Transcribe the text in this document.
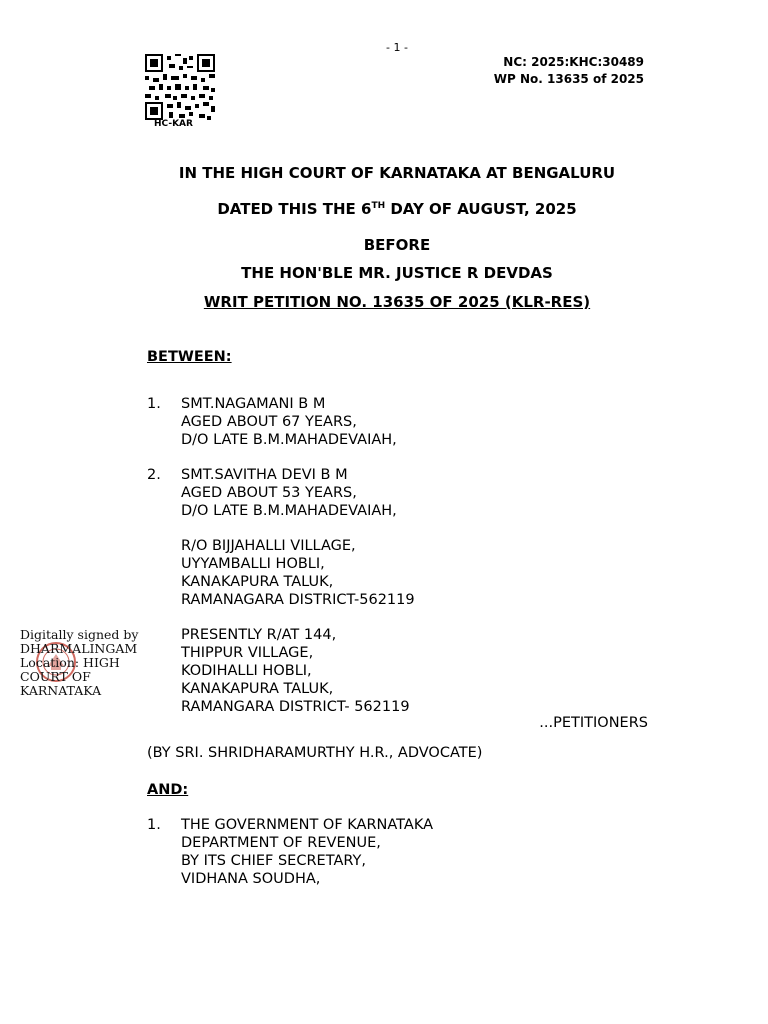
- 1 -
NC: 2025:KHC:30489
WP No. 13635 of 2025
HC-KAR
IN THE HIGH COURT OF KARNATAKA AT BENGALURU
DATED THIS THE 6TH DAY OF AUGUST, 2025
BEFORE
THE HON'BLE MR. JUSTICE R DEVDAS
WRIT PETITION NO. 13635 OF 2025 (KLR-RES)
BETWEEN:
1. SMT.NAGAMANI B M
AGED ABOUT 67 YEARS,
D/O LATE B.M.MAHADEVAIAH,
2. SMT.SAVITHA DEVI B M
AGED ABOUT 53 YEARS,
D/O LATE B.M.MAHADEVAIAH,
R/O BIJJAHALLI VILLAGE,
UYYAMBALLI HOBLI,
KANAKAPURA TALUK,
RAMANAGARA DISTRICT-562119
PRESENTLY R/AT 144,
THIPPUR VILLAGE,
KODIHALLI HOBLI,
KANAKAPURA TALUK,
RAMANGARA DISTRICT- 562119
...PETITIONERS
(BY SRI. SHRIDHARAMURTHY H.R., ADVOCATE)
AND:
1. THE GOVERNMENT OF KARNATAKA
DEPARTMENT OF REVENUE,
BY ITS CHIEF SECRETARY,
VIDHANA SOUDHA,
Digitally signed by
DHARMALINGAM
Location: HIGH
COURT OF
KARNATAKA
